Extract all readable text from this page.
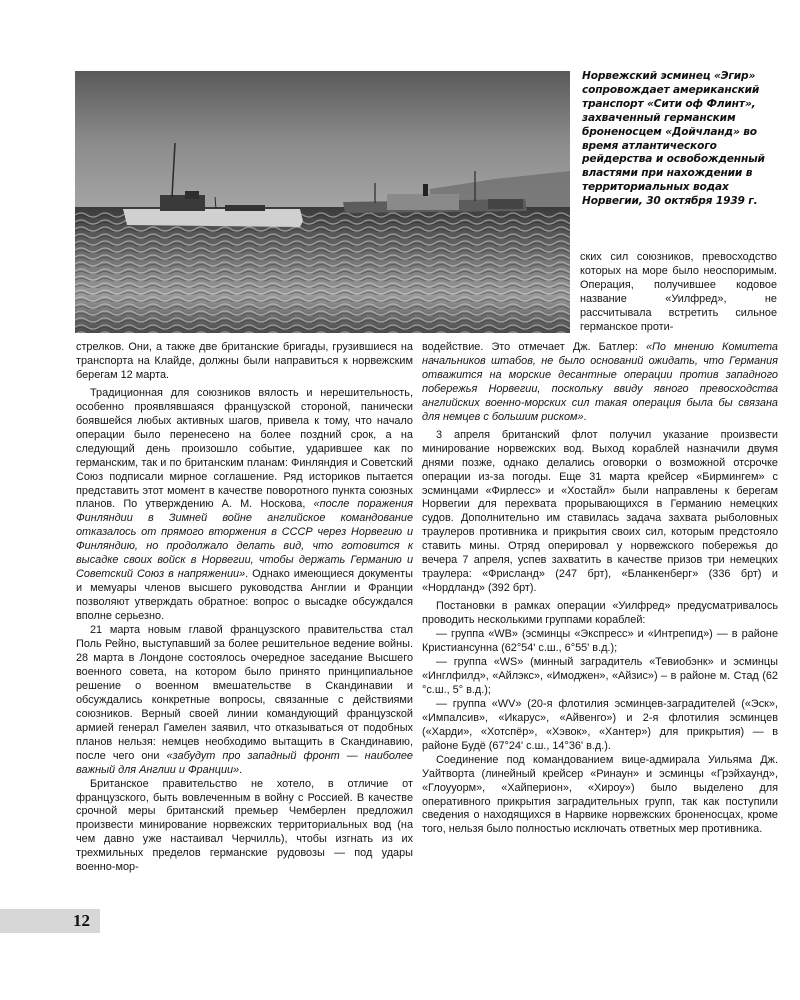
Норвежский эсминец «Эгир» сопровождает американский транспорт «Сити оф Флинт», захваченный германским броненосцем «Дойчланд» во время атлантического рейдерства и освобожденный властями при нахождении в территориальных водах Норвегии, 30 октября 1939 г.

ских сил союзников, превосходство которых на море было неоспоримым. Операция, получившее кодовое название «Уилфред», не рассчитывала встретить сильное германское проти-

стрелков. Они, а также две британские бригады, грузившиеся на транспорта на Клайде, должны были направиться к норвежским берегам 12 марта.

Традиционная для союзников вялость и нерешительность, особенно проявлявшаяся французской стороной, панически боявшейся любых активных шагов, привела к тому, что начало операции было перенесено на более поздний срок, а на следующий день произошло событие, ударившее как по германским, так и по британским планам: Финляндия и Советский Союз подписали мирное соглашение. Ряд историков пытается представить этот момент в качестве поворотного пункта союзных планов. По утверждению А. М. Носкова, «после поражения Финляндии в Зимней войне английское командование отказалось от прямого вторжения в СССР через Норвегию и Финляндию, но продолжало делать вид, что готовится к высадке своих войск в Норвегии, чтобы держать Германию и Советский Союз в напряжении». Однако имеющиеся документы и мемуары членов высшего руководства Англии и Франции позволяют утверждать обратное: вопрос о высадке обсуждался вполне серьезно.

21 марта новым главой французского правительства стал Поль Рейно, выступавший за более решительное ведение войны. 28 марта в Лондоне состоялось очередное заседание Высшего военного совета, на котором было принято принципиальное решение о военном вмешательстве в Скандинавии и обсуждались конкретные вопросы, связанные с действиями союзников. Верный своей линии командующий французской армией генерал Гамелен заявил, что отказываться от подобных планов нельзя: немцев необходимо вытащить в Скандинавию, после чего они «забудут про западный фронт — наиболее важный для Англии и Франции».

Британское правительство не хотело, в отличие от французского, быть вовлеченным в войну с Россией. В качестве срочной меры британский премьер Чемберлен предложил произвести минирование норвежских территориальных вод (на чем давно уже настаивал Черчилль), чтобы изгнать из их трехмильных пределов германские рудовозы — под удары военно-мор-

водействие. Это отмечает Дж. Батлер: «По мнению Комитета начальников штабов, не было оснований ожидать, что Германия отважится на морские десантные операции против западного побережья Норвегии, поскольку ввиду явного превосходства английских военно-морских сил такая операция была бы связана для немцев с большим риском».

3 апреля британский флот получил указание произвести минирование норвежских вод. Выход кораблей назначили двумя днями позже, однако делались оговорки о возможной отсрочке операции из-за погоды. Еще 31 марта крейсер «Бирмингем» с эсминцами «Фирлесс» и «Хостайл» были направлены к берегам Норвегии для перехвата прорывающихся в Германию немецких судов. Дополнительно им ставилась задача захвата рыболовных траулеров противника и прикрытия своих сил, которым предстояло ставить мины. Отряд оперировал у норвежского побережья до вечера 7 апреля, успев захватить в качестве призов три немецких траулера: «Фрисланд» (247 брт), «Бланкенберг» (336 брт) и «Нордланд» (392 брт).

Постановки в рамках операции «Уилфред» предусматривалось проводить несколькими группами кораблей:

— группа «WB» (эсминцы «Экспресс» и «Интрепид») — в районе Кристиансунна (62°54' с.ш., 6°55' в.д.);

— группа «WS» (минный заградитель «Тевиобэнк» и эсминцы «Инглфилд», «Айлэкс», «Имоджен», «Айзис») – в районе м. Стад (62 °с.ш., 5° в.д.);

— группа «WV» (20-я флотилия эсминцев-заградителей («Эск», «Импалсив», «Икарус», «Айвенго») и 2-я флотилия эсминцев («Харди», «Хотспёр», «Хэвок», «Хантер») для прикрытия) — в районе Будё (67°24' с.ш., 14°36' в.д.).

Соединение под командованием вице-адмирала Уильяма Дж. Уайтворта (линейный крейсер «Ринаун» и эсминцы «Грэйхаунд», «Глоууорм», «Хайперион», «Хироу») было выделено для оперативного прикрытия заградительных групп, так как поступили сведения о находящихся в Нарвике норвежских броненосцах, кроме того, нельзя было полностью исключать ответных мер противника.

12
